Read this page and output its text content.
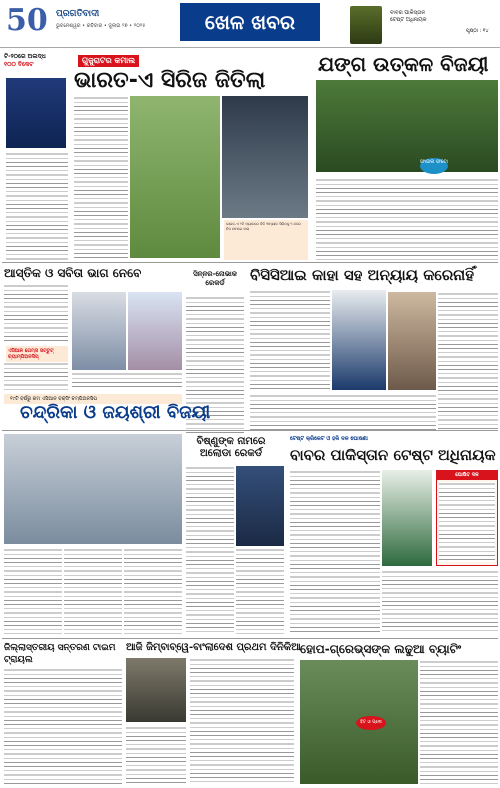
50 ପ୍ରଗତିବାଦୀ
ଭୁବନେଶ୍ୱର • ରବିବାର • ଜୁଲାଇ ୨୭ • ୨୦୨୫	ଖେଳ ଖବର	ବାବର ପାକିସ୍ତାନ
ଟେଷ୍ଟ ଅଧିନାୟକ
ପୃଷ୍ଠା : ୧୪
ଟି-୨୦ରେ ଅଲଦ୍ଧ
୧୦୦ ବିକେଟ	ଗୁଜୁରାଟର କମାଲ
ଭାରତ-ଏ ସିରିଜ ଜିତିଲା
ଭାରତ-ଏ ୨ଟି ମ୍ୟାଚରେ ଜିତି ୩ମ୍ୟାଚ ସିରିଜକୁ ୨-୦ରେ ନିଜ ନାମରେ କଲା
ଯଙ୍ଗ ଉତ୍କଳ ବିଜୟୀ
ଫାଇଲ ଫଟୋ
ଆସ୍ତିକ ଓ ସବିତା ଭାଗ ନେବେ
ଏସିଆନ ଗେମ୍ସ ସଟ୍ଟୁଟ୍ ଚ୍ୟାମ୍ପିଅନସିପ୍
ସିନ୍ନର-ନୋଭାକ ରେକର୍ଡ	ବିସିସିଆଇ କାହା ସହ ଅନ୍ୟାୟ କରେନାହିଁ
୧୯ଟି ବର୍ଷରୁ କମ ଏସିଆନ ବକ୍ସିଂ ଚମ୍ପିଅନସିପ
ଚନ୍ଦ୍ରିକା ଓ ଜୟଶ୍ରୀ ବିଜୟୀ
ବିଷ୍ଣୁଙ୍କ ନାମରେ ଅଲୋଡା ରେକର୍ଡ
ଟେଷ୍ଟ କ୍ରିକେଟ ଓ ହକି ଦଳ ଘୋଷଣା
ବାବର ପାକିସ୍ତାନ ଟେଷ୍ଟ ଅଧିନାୟକ
ଘୋଷିତ ଦଳ
ଜିଲ୍ଲାସ୍ତରୀୟ ସନ୍ତରଣ ଟାଇମ ଟ୍ରାୟଲ
ଆଜି ଜିମ୍ବାବ୍ୱେ-ବାଂଲାଦେଶ ପ୍ରଥମ ଦିନିକିଆ ହୋପ-ଗ୍ରେଭ୍ସଙ୍କ ଲଢୁଆ ବ୍ୟାଟିଂ
ହିଟ ଓ ପ୍ଲେ
